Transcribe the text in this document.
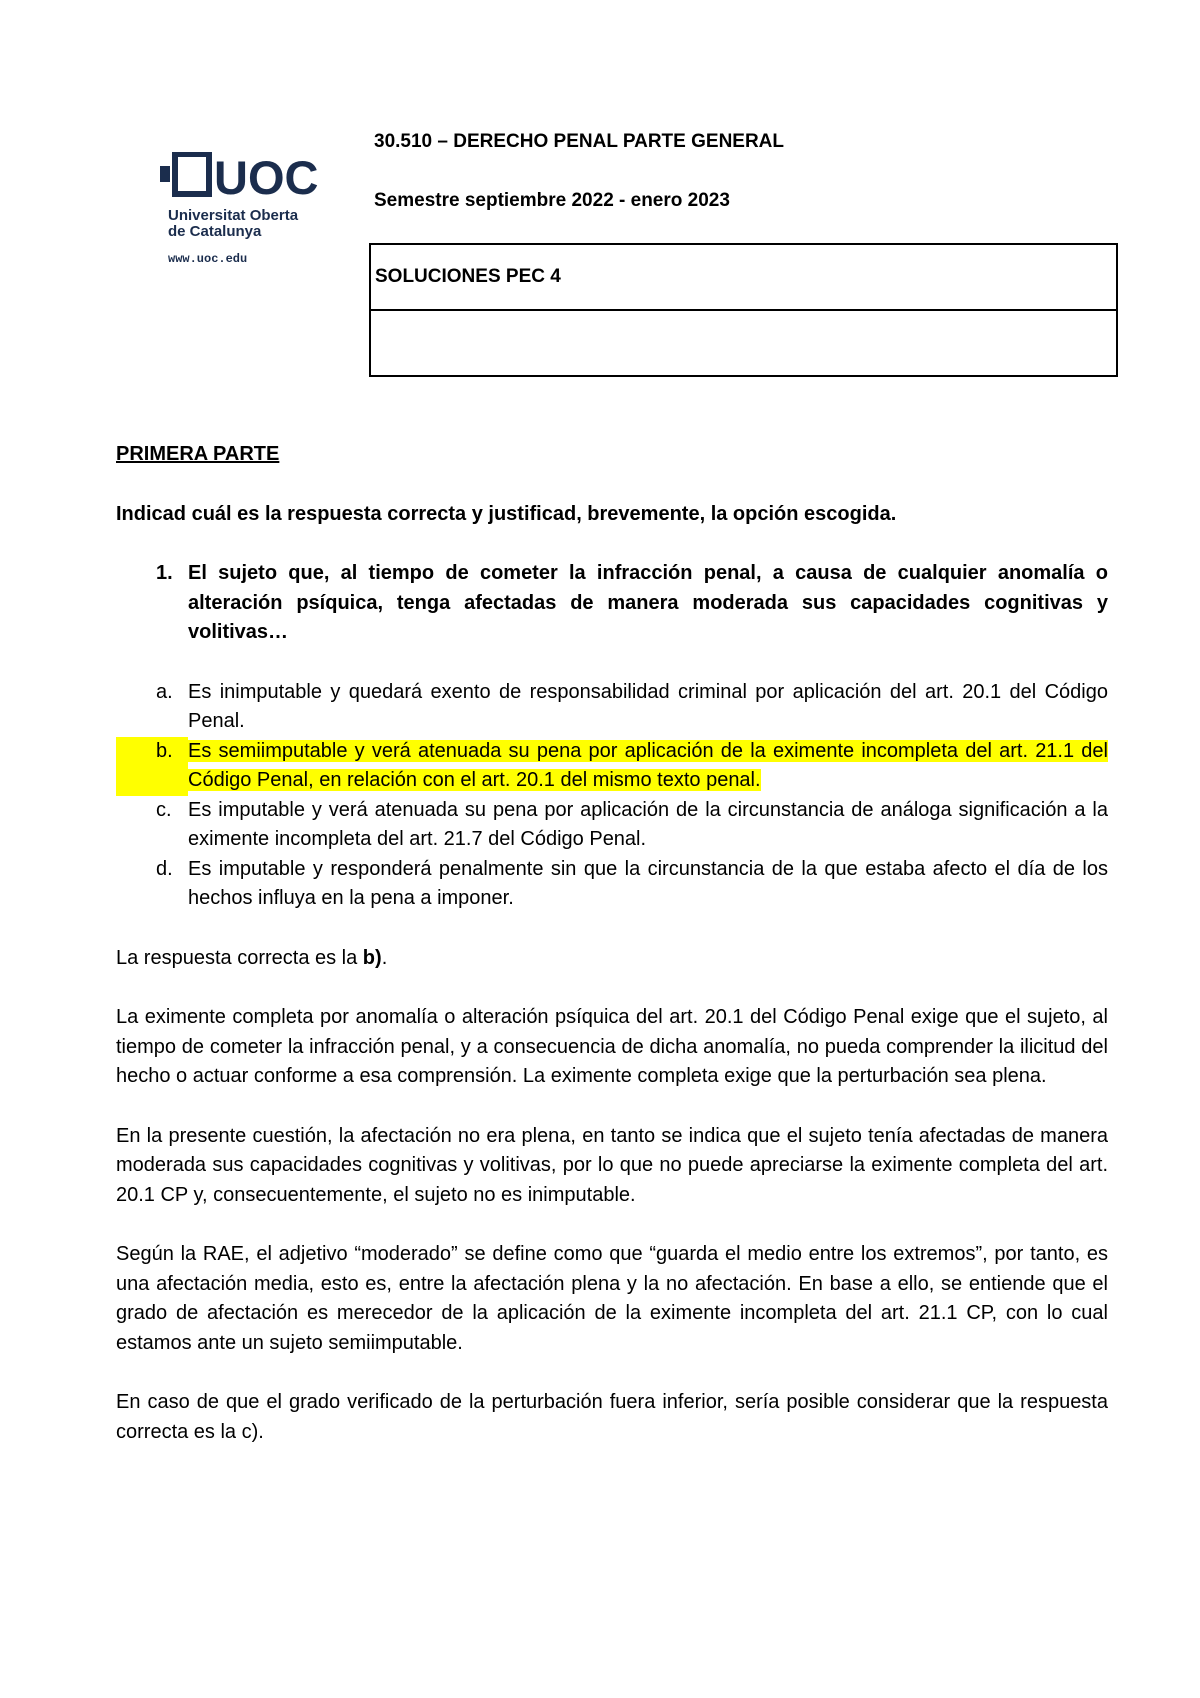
UOC
Universitat Oberta
de Catalunya
www.uoc.edu
30.510 – DERECHO PENAL PARTE GENERAL
Semestre septiembre 2022 - enero 2023
SOLUCIONES PEC 4

PRIMERA PARTE

Indicad cuál es la respuesta correcta y justificad, brevemente, la opción escogida.

1. El sujeto que, al tiempo de cometer la infracción penal, a causa de cualquier anomalía o alteración psíquica, tenga afectadas de manera moderada sus capacidades cognitivas y volitivas…
a. Es inimputable y quedará exento de responsabilidad criminal por aplicación del art. 20.1 del Código Penal.
b. Es semiimputable y verá atenuada su pena por aplicación de la eximente incompleta del art. 21.1 del Código Penal, en relación con el art. 20.1 del mismo texto penal.
c. Es imputable y verá atenuada su pena por aplicación de la circunstancia de análoga significación a la eximente incompleta del art. 21.7 del Código Penal.
d. Es imputable y responderá penalmente sin que la circunstancia de la que estaba afecto el día de los hechos influya en la pena a imponer.

La respuesta correcta es la b).

La eximente completa por anomalía o alteración psíquica del art. 20.1 del Código Penal exige que el sujeto, al tiempo de cometer la infracción penal, y a consecuencia de dicha anomalía, no pueda comprender la ilicitud del hecho o actuar conforme a esa comprensión. La eximente completa exige que la perturbación sea plena.

En la presente cuestión, la afectación no era plena, en tanto se indica que el sujeto tenía afectadas de manera moderada sus capacidades cognitivas y volitivas, por lo que no puede apreciarse la eximente completa del art. 20.1 CP y, consecuentemente, el sujeto no es inimputable.

Según la RAE, el adjetivo “moderado” se define como que “guarda el medio entre los extremos”, por tanto, es una afectación media, esto es, entre la afectación plena y la no afectación. En base a ello, se entiende que el grado de afectación es merecedor de la aplicación de la eximente incompleta del art. 21.1 CP, con lo cual estamos ante un sujeto semiimputable.

En caso de que el grado verificado de la perturbación fuera inferior, sería posible considerar que la respuesta correcta es la c).
